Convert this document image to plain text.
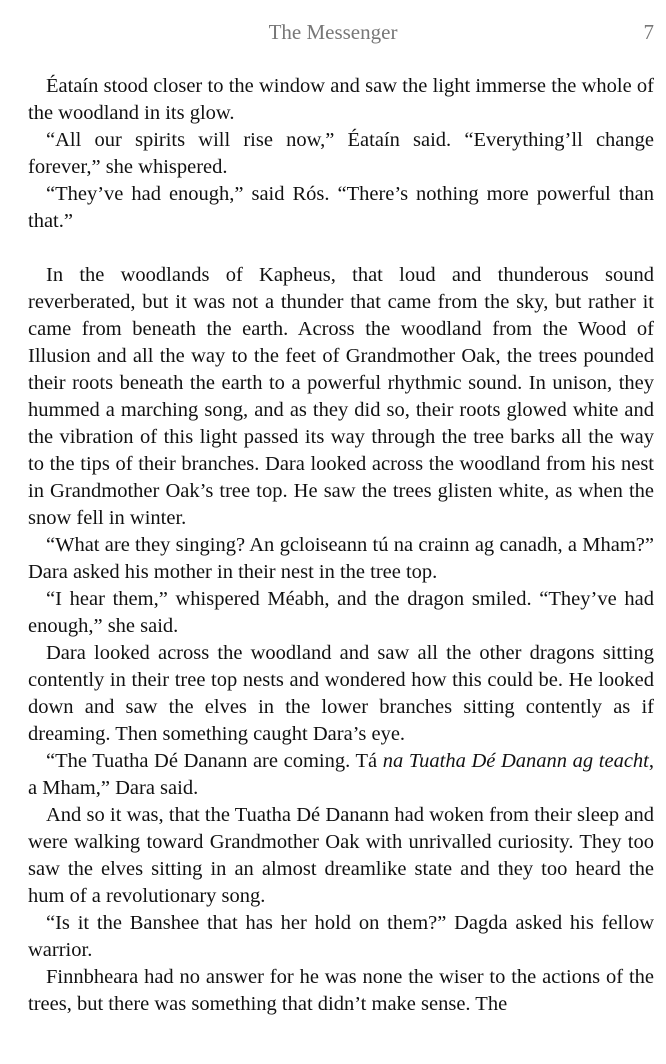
The Messenger	7

Éataín stood closer to the window and saw the light immerse the whole of the woodland in its glow.

“All our spirits will rise now,” Éataín said. “Everything’ll change forever,” she whispered.

“They’ve had enough,” said Rós. “There’s nothing more powerful than that.”

In the woodlands of Kapheus, that loud and thunderous sound reverberated, but it was not a thunder that came from the sky, but rather it came from beneath the earth. Across the woodland from the Wood of Illusion and all the way to the feet of Grandmother Oak, the trees pounded their roots beneath the earth to a powerful rhythmic sound. In unison, they hummed a marching song, and as they did so, their roots glowed white and the vibration of this light passed its way through the tree barks all the way to the tips of their branches. Dara looked across the woodland from his nest in Grandmother Oak’s tree top. He saw the trees glisten white, as when the snow fell in winter.

“What are they singing? An gcloiseann tú na crainn ag canadh, a Mham?” Dara asked his mother in their nest in the tree top.

“I hear them,” whispered Méabh, and the dragon smiled. “They’ve had enough,” she said.

Dara looked across the woodland and saw all the other dragons sitting contently in their tree top nests and wondered how this could be. He looked down and saw the elves in the lower branches sitting contently as if dreaming. Then something caught Dara’s eye.

“The Tuatha Dé Danann are coming. Tá na Tuatha Dé Danann ag teacht, a Mham,” Dara said.

And so it was, that the Tuatha Dé Danann had woken from their sleep and were walking toward Grandmother Oak with unrivalled curiosity. They too saw the elves sitting in an almost dreamlike state and they too heard the hum of a revolutionary song.

“Is it the Banshee that has her hold on them?” Dagda asked his fellow warrior.

Finnbheara had no answer for he was none the wiser to the actions of the trees, but there was something that didn’t make sense. The
